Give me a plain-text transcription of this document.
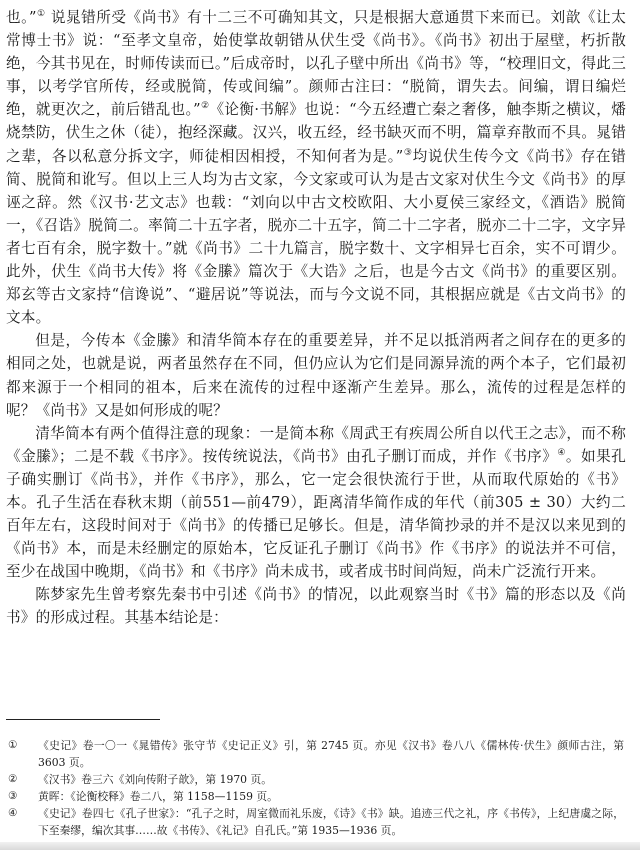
也。”① 说晁错所受《尚书》有十二三不可确知其文，只是根据大意通贯下来而已。刘歆《让太常博士书》说：“至孝文皇帝，始使掌故朝错从伏生受《尚书》。《尚书》初出于屋壁，朽折散绝，今其书见在，时师传读而已。”后成帝时，以孔子壁中所出《尚书》等，“校理旧文，得此三事，以考学官所传，经或脱简，传或间编”。颜师古注曰：“脱简，谓失去。间编，谓日编烂绝，就更次之，前后错乱也。”②《论衡·书解》也说：“今五经遭亡秦之奢侈，触李斯之横议，燔烧禁防，伏生之休（徒），抱经深藏。汉兴，收五经，经书缺灭而不明，篇章弃散而不具。晁错之辈，各以私意分拆文字，师徒相因相授，不知何者为是。”③均说伏生传今文《尚书》存在错简、脱简和讹写。但以上三人均为古文家，今文家或可认为是古文家对伏生今文《尚书》的厚诬之辞。然《汉书·艺文志》也载：“刘向以中古文校欧阳、大小夏侯三家经文，《酒诰》脱简一，《召诰》脱简二。率简二十五字者，脱亦二十五字，简二十二字者，脱亦二十二字，文字异者七百有余，脱字数十。”就《尚书》二十九篇言，脱字数十、文字相异七百余，实不可谓少。此外，伏生《尚书大传》将《金縢》篇次于《大诰》之后，也是今古文《尚书》的重要区别。郑玄等古文家持“信谗说”、“避居说”等说法，而与今文说不同，其根据应就是《古文尚书》的文本。

但是，今传本《金縢》和清华简本存在的重要差异，并不足以抵消两者之间存在的更多的相同之处，也就是说，两者虽然存在不同，但仍应认为它们是同源异流的两个本子，它们最初都来源于一个相同的祖本，后来在流传的过程中逐渐产生差异。那么，流传的过程是怎样的呢？《尚书》又是如何形成的呢？

清华简本有两个值得注意的现象：一是简本称《周武王有疾周公所自以代王之志》，而不称《金縢》；二是不载《书序》。按传统说法，《尚书》由孔子删订而成，并作《书序》④。如果孔子确实删订《尚书》，并作《书序》，那么，它一定会很快流行于世，从而取代原始的《书》本。孔子生活在春秋末期（前551—前479），距离清华简作成的年代（前305 ± 30）大约二百年左右，这段时间对于《尚书》的传播已足够长。但是，清华简抄录的并不是汉以来见到的《尚书》本，而是未经删定的原始本，它反证孔子删订《尚书》作《书序》的说法并不可信，至少在战国中晚期，《尚书》和《书序》尚未成书，或者成书时间尚短，尚未广泛流行开来。

陈梦家先生曾考察先秦书中引述《尚书》的情况，以此观察当时《书》篇的形态以及《尚书》的形成过程。其基本结论是：

①	《史记》卷一〇一《晁错传》张守节《史记正义》引，第 2745 页。亦见《汉书》卷八八《儒林传·伏生》颜师古注，第 3603 页。
②	《汉书》卷三六《刘向传附子歆》，第 1970 页。
③	黄晖：《论衡校释》卷二八，第 1158—1159 页。
④	《史记》卷四七《孔子世家》：“孔子之时，周室微而礼乐废，《诗》《书》缺。追迹三代之礼，序《书传》，上纪唐虞之际，下至秦缪，编次其事……故《书传》、《礼记》自孔氏。”第 1935—1936 页。
